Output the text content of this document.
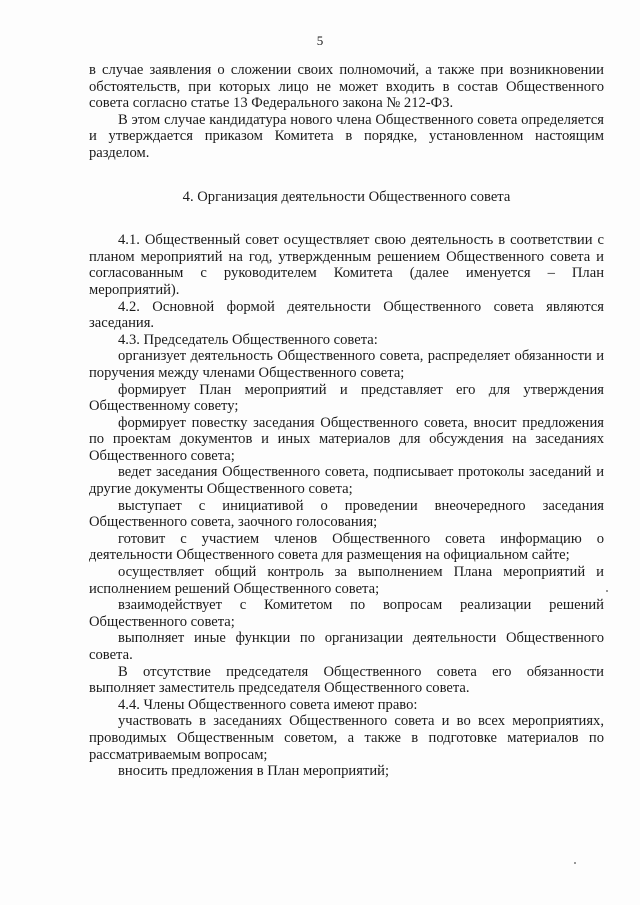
5

в случае заявления о сложении своих полномочий, а также при возникновении обстоятельств, при которых лицо не может входить в состав Общественного совета согласно статье 13 Федерального закона № 212-ФЗ.

В этом случае кандидатура нового члена Общественного совета определяется и утверждается приказом Комитета в порядке, установленном настоящим разделом.

4. Организация деятельности Общественного совета

4.1. Общественный совет осуществляет свою деятельность в соответствии с планом мероприятий на год, утвержденным решением Общественного совета и согласованным с руководителем Комитета (далее именуется – План мероприятий).

4.2. Основной формой деятельности Общественного совета являются заседания.

4.3. Председатель Общественного совета:

организует деятельность Общественного совета, распределяет обязанности и поручения между членами Общественного совета;

формирует План мероприятий и представляет его для утверждения Общественному совету;

формирует повестку заседания Общественного совета, вносит предложения по проектам документов и иных материалов для обсуждения на заседаниях Общественного совета;

ведет заседания Общественного совета, подписывает протоколы заседаний и другие документы Общественного совета;

выступает с инициативой о проведении внеочередного заседания Общественного совета, заочного голосования;

готовит с участием членов Общественного совета информацию о деятельности Общественного совета для размещения на официальном сайте;

осуществляет общий контроль за выполнением Плана мероприятий и исполнением решений Общественного совета;

взаимодействует с Комитетом по вопросам реализации решений Общественного совета;

выполняет иные функции по организации деятельности Общественного совета.

В отсутствие председателя Общественного совета его обязанности выполняет заместитель председателя Общественного совета.

4.4. Члены Общественного совета имеют право:

участвовать в заседаниях Общественного совета и во всех мероприятиях, проводимых Общественным советом, а также в подготовке материалов по рассматриваемым вопросам;

вносить предложения в План мероприятий;
